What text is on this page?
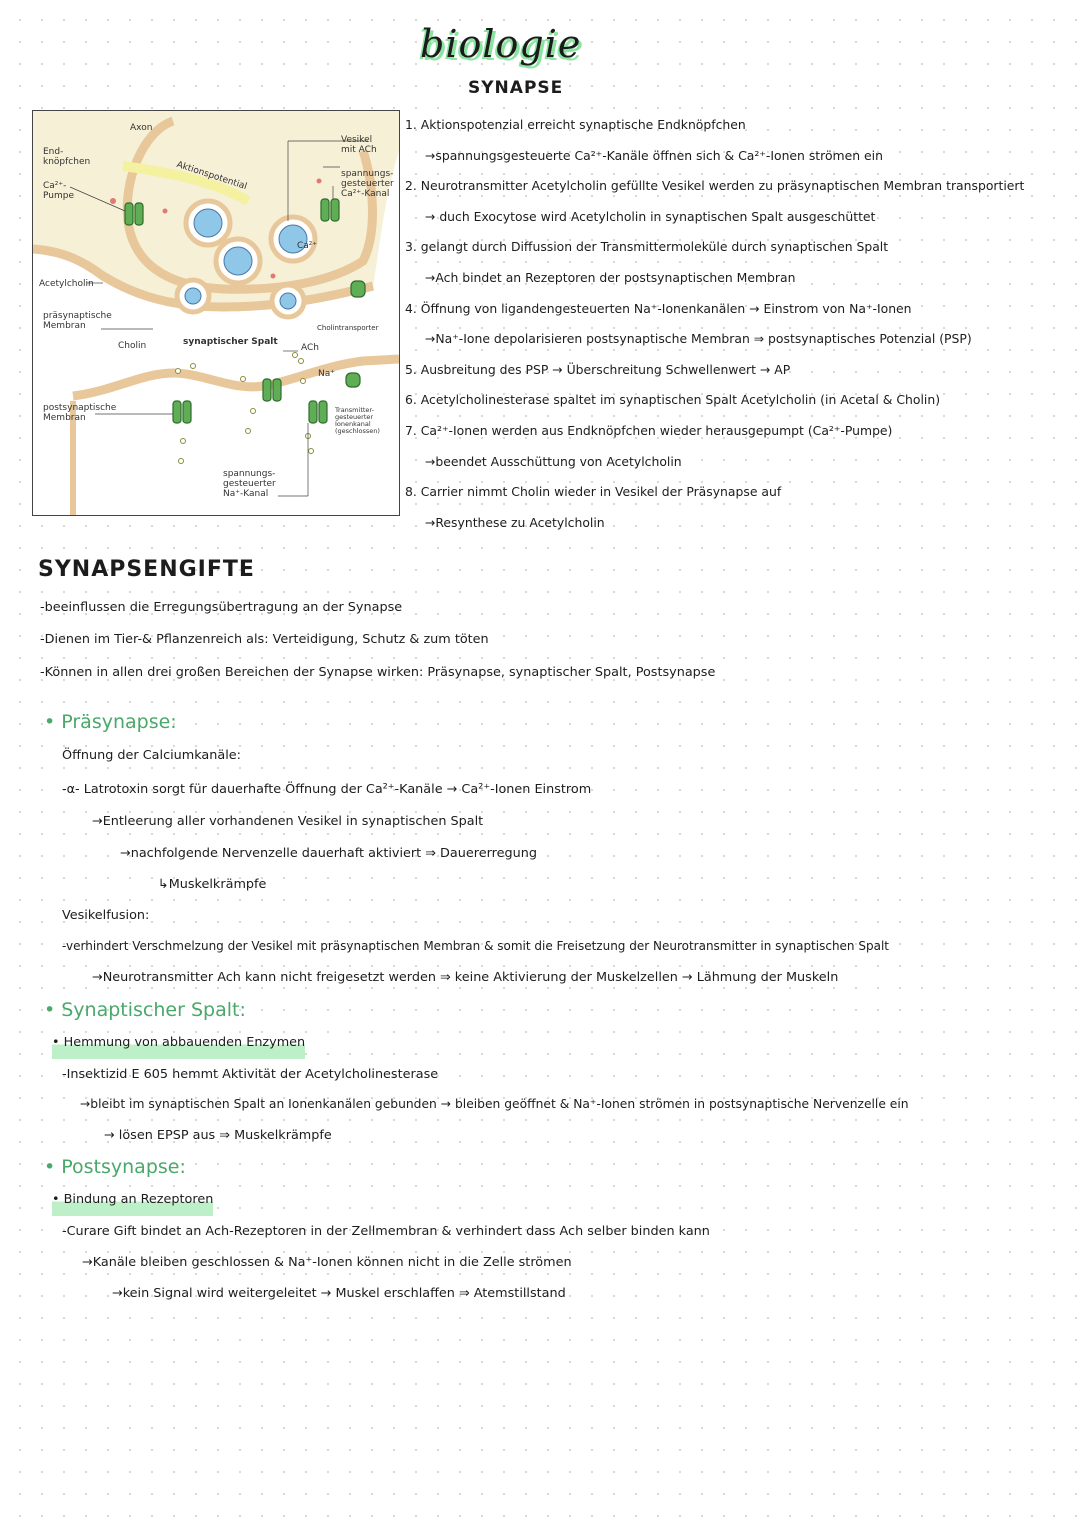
biologie
SYNAPSE
Axon
End-
knöpfchen
Ca²⁺-
Pumpe
Acetylcholin
präsynaptische
Membran
Cholin
postsynaptische
Membran
Vesikel
mit ACh
spannungs-
gesteuerter
Ca²⁺-Kanal
Aktionspotential
Ca²⁺
Cholintransporter
synaptischer Spalt
ACh
Na⁺
Transmitter-
gesteuerter
Ionenkanal
(geschlossen)
spannungs-
gesteuerter
Na⁺-Kanal
1. Aktionspotenzial erreicht synaptische Endknöpfchen
→spannungsgesteuerte Ca²⁺-Kanäle öffnen sich & Ca²⁺-Ionen strömen ein
2. Neurotransmitter Acetylcholin gefüllte Vesikel werden zu präsynaptischen Membran transportiert
→ duch Exocytose wird Acetylcholin in synaptischen Spalt ausgeschüttet
3. gelangt durch Diffussion der Transmittermoleküle durch synaptischen Spalt
→Ach bindet an Rezeptoren der postsynaptischen Membran
4. Öffnung von ligandengesteuerten Na⁺-Ionenkanälen → Einstrom von Na⁺-Ionen
→Na⁺-Ione depolarisieren postsynaptische Membran ⇒ postsynaptisches Potenzial (PSP)
5. Ausbreitung des PSP → Überschreitung Schwellenwert → AP
6. Acetylcholinesterase spaltet im synaptischen Spalt Acetylcholin (in Acetal & Cholin)
7. Ca²⁺-Ionen werden aus Endknöpfchen wieder herausgepumpt (Ca²⁺-Pumpe)
→beendet Ausschüttung von Acetylcholin
8. Carrier nimmt Cholin wieder in Vesikel der Präsynapse auf
→Resynthese zu Acetylcholin
SYNAPSENGIFTE
-beeinflussen die Erregungsübertragung an der Synapse
-Dienen im Tier-& Pflanzenreich als: Verteidigung, Schutz & zum töten
-Können in allen drei großen Bereichen der Synapse wirken: Präsynapse, synaptischer Spalt, Postsynapse
• Präsynapse:
Öffnung der Calciumkanäle:
-α- Latrotoxin sorgt für dauerhafte Öffnung der Ca²⁺-Kanäle → Ca²⁺-Ionen Einstrom
→Entleerung aller vorhandenen Vesikel in synaptischen Spalt
→nachfolgende Nervenzelle dauerhaft aktiviert ⇒ Dauererregung
↳Muskelkrämpfe
Vesikelfusion:
-verhindert Verschmelzung der Vesikel mit präsynaptischen Membran & somit die Freisetzung der Neurotransmitter in synaptischen Spalt
→Neurotransmitter Ach kann nicht freigesetzt werden ⇒ keine Aktivierung der Muskelzellen → Lähmung der Muskeln
• Synaptischer Spalt:
• Hemmung von abbauenden Enzymen
-Insektizid E 605 hemmt Aktivität der Acetylcholinesterase
→bleibt im synaptischen Spalt an Ionenkanälen gebunden → bleiben geöffnet & Na⁺-Ionen strömen in postsynaptische Nervenzelle ein
→ lösen EPSP aus ⇒ Muskelkrämpfe
• Postsynapse:
• Bindung an Rezeptoren
-Curare Gift bindet an Ach-Rezeptoren in der Zellmembran & verhindert dass Ach selber binden kann
→Kanäle bleiben geschlossen & Na⁺-Ionen können nicht in die Zelle strömen
→kein Signal wird weitergeleitet → Muskel erschlaffen ⇒ Atemstillstand
